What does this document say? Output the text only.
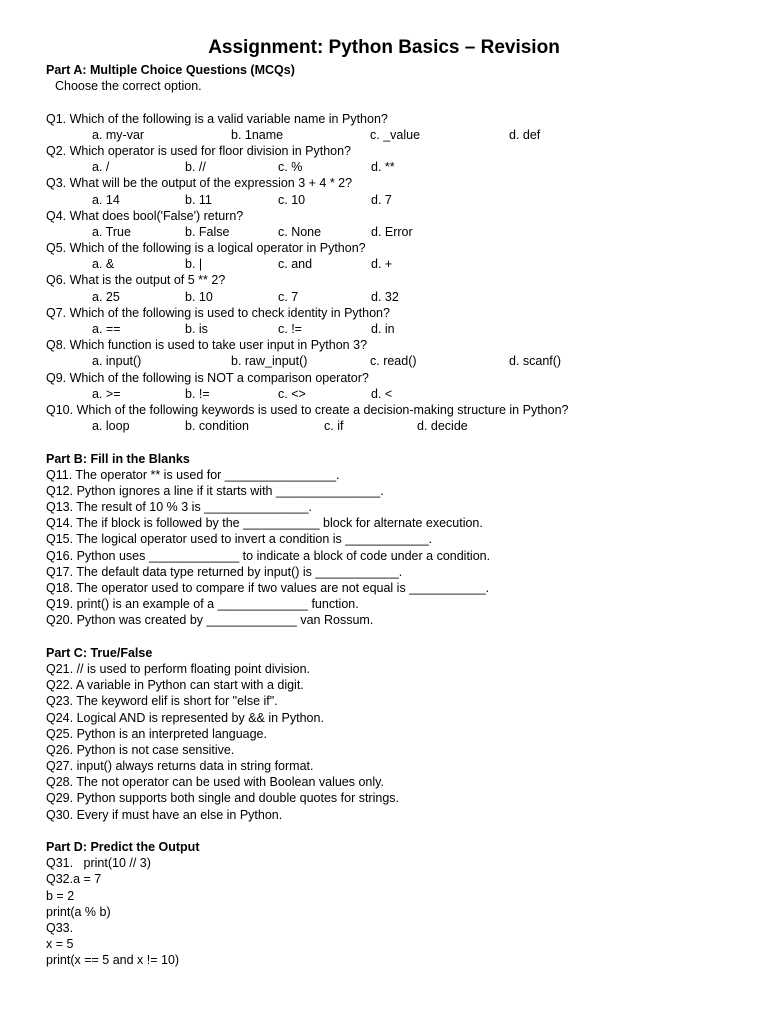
Assignment: Python Basics – Revision
Part A: Multiple Choice Questions (MCQs)
Choose the correct option.
Q1. Which of the following is a valid variable name in Python?

a. my-var

	b. 1name

	c. _value

	d. def

Q2. Which operator is used for floor division in Python?

a. /

	b. //

	c. %

	d. **

Q3. What will be the output of the expression 3 + 4 * 2?

a. 14

	b. 11

	c. 10

	d. 7

Q4. What does bool('False') return?

a. True

	b. False

	c. None

	d. Error

Q5. Which of the following is a logical operator in Python?

a. &

	b. |

	c. and

	d. +

Q6. What is the output of 5 ** 2?

a. 25

	b. 10

	c. 7

	d. 32

Q7. Which of the following is used to check identity in Python?

a. ==

	b. is

	c. !=

	d. in

Q8. Which function is used to take user input in Python 3?

a. input()

	b. raw_input()

	c. read()

	d. scanf()

Q9. Which of the following is NOT a comparison operator?

a. >=

	b. !=

	c. <>

	d. <

Q10. Which of the following keywords is used to create a decision-making structure in Python?

a. loop

	b. condition

	c. if

	d. decide

Part B: Fill in the Blanks
Q11. The operator ** is used for ________________.
Q12. Python ignores a line if it starts with _______________.
Q13. The result of 10 % 3 is _______________.
Q14. The if block is followed by the ___________ block for alternate execution.
Q15. The logical operator used to invert a condition is ____________.
Q16. Python uses _____________ to indicate a block of code under a condition.
Q17. The default data type returned by input() is ____________.
Q18. The operator used to compare if two values are not equal is ___________.
Q19. print() is an example of a _____________ function.
Q20. Python was created by _____________ van Rossum.
Part C: True/False
Q21. // is used to perform floating point division.
Q22. A variable in Python can start with a digit.
Q23. The keyword elif is short for "else if".
Q24. Logical AND is represented by && in Python.
Q25. Python is an interpreted language.
Q26. Python is not case sensitive.
Q27. input() always returns data in string format.
Q28. The not operator can be used with Boolean values only.
Q29. Python supports both single and double quotes for strings.
Q30. Every if must have an else in Python.
Part D: Predict the Output
Q31.   print(10 // 3)
Q32.a = 7
b = 2
print(a % b)
Q33.
x = 5
print(x == 5 and x != 10)
